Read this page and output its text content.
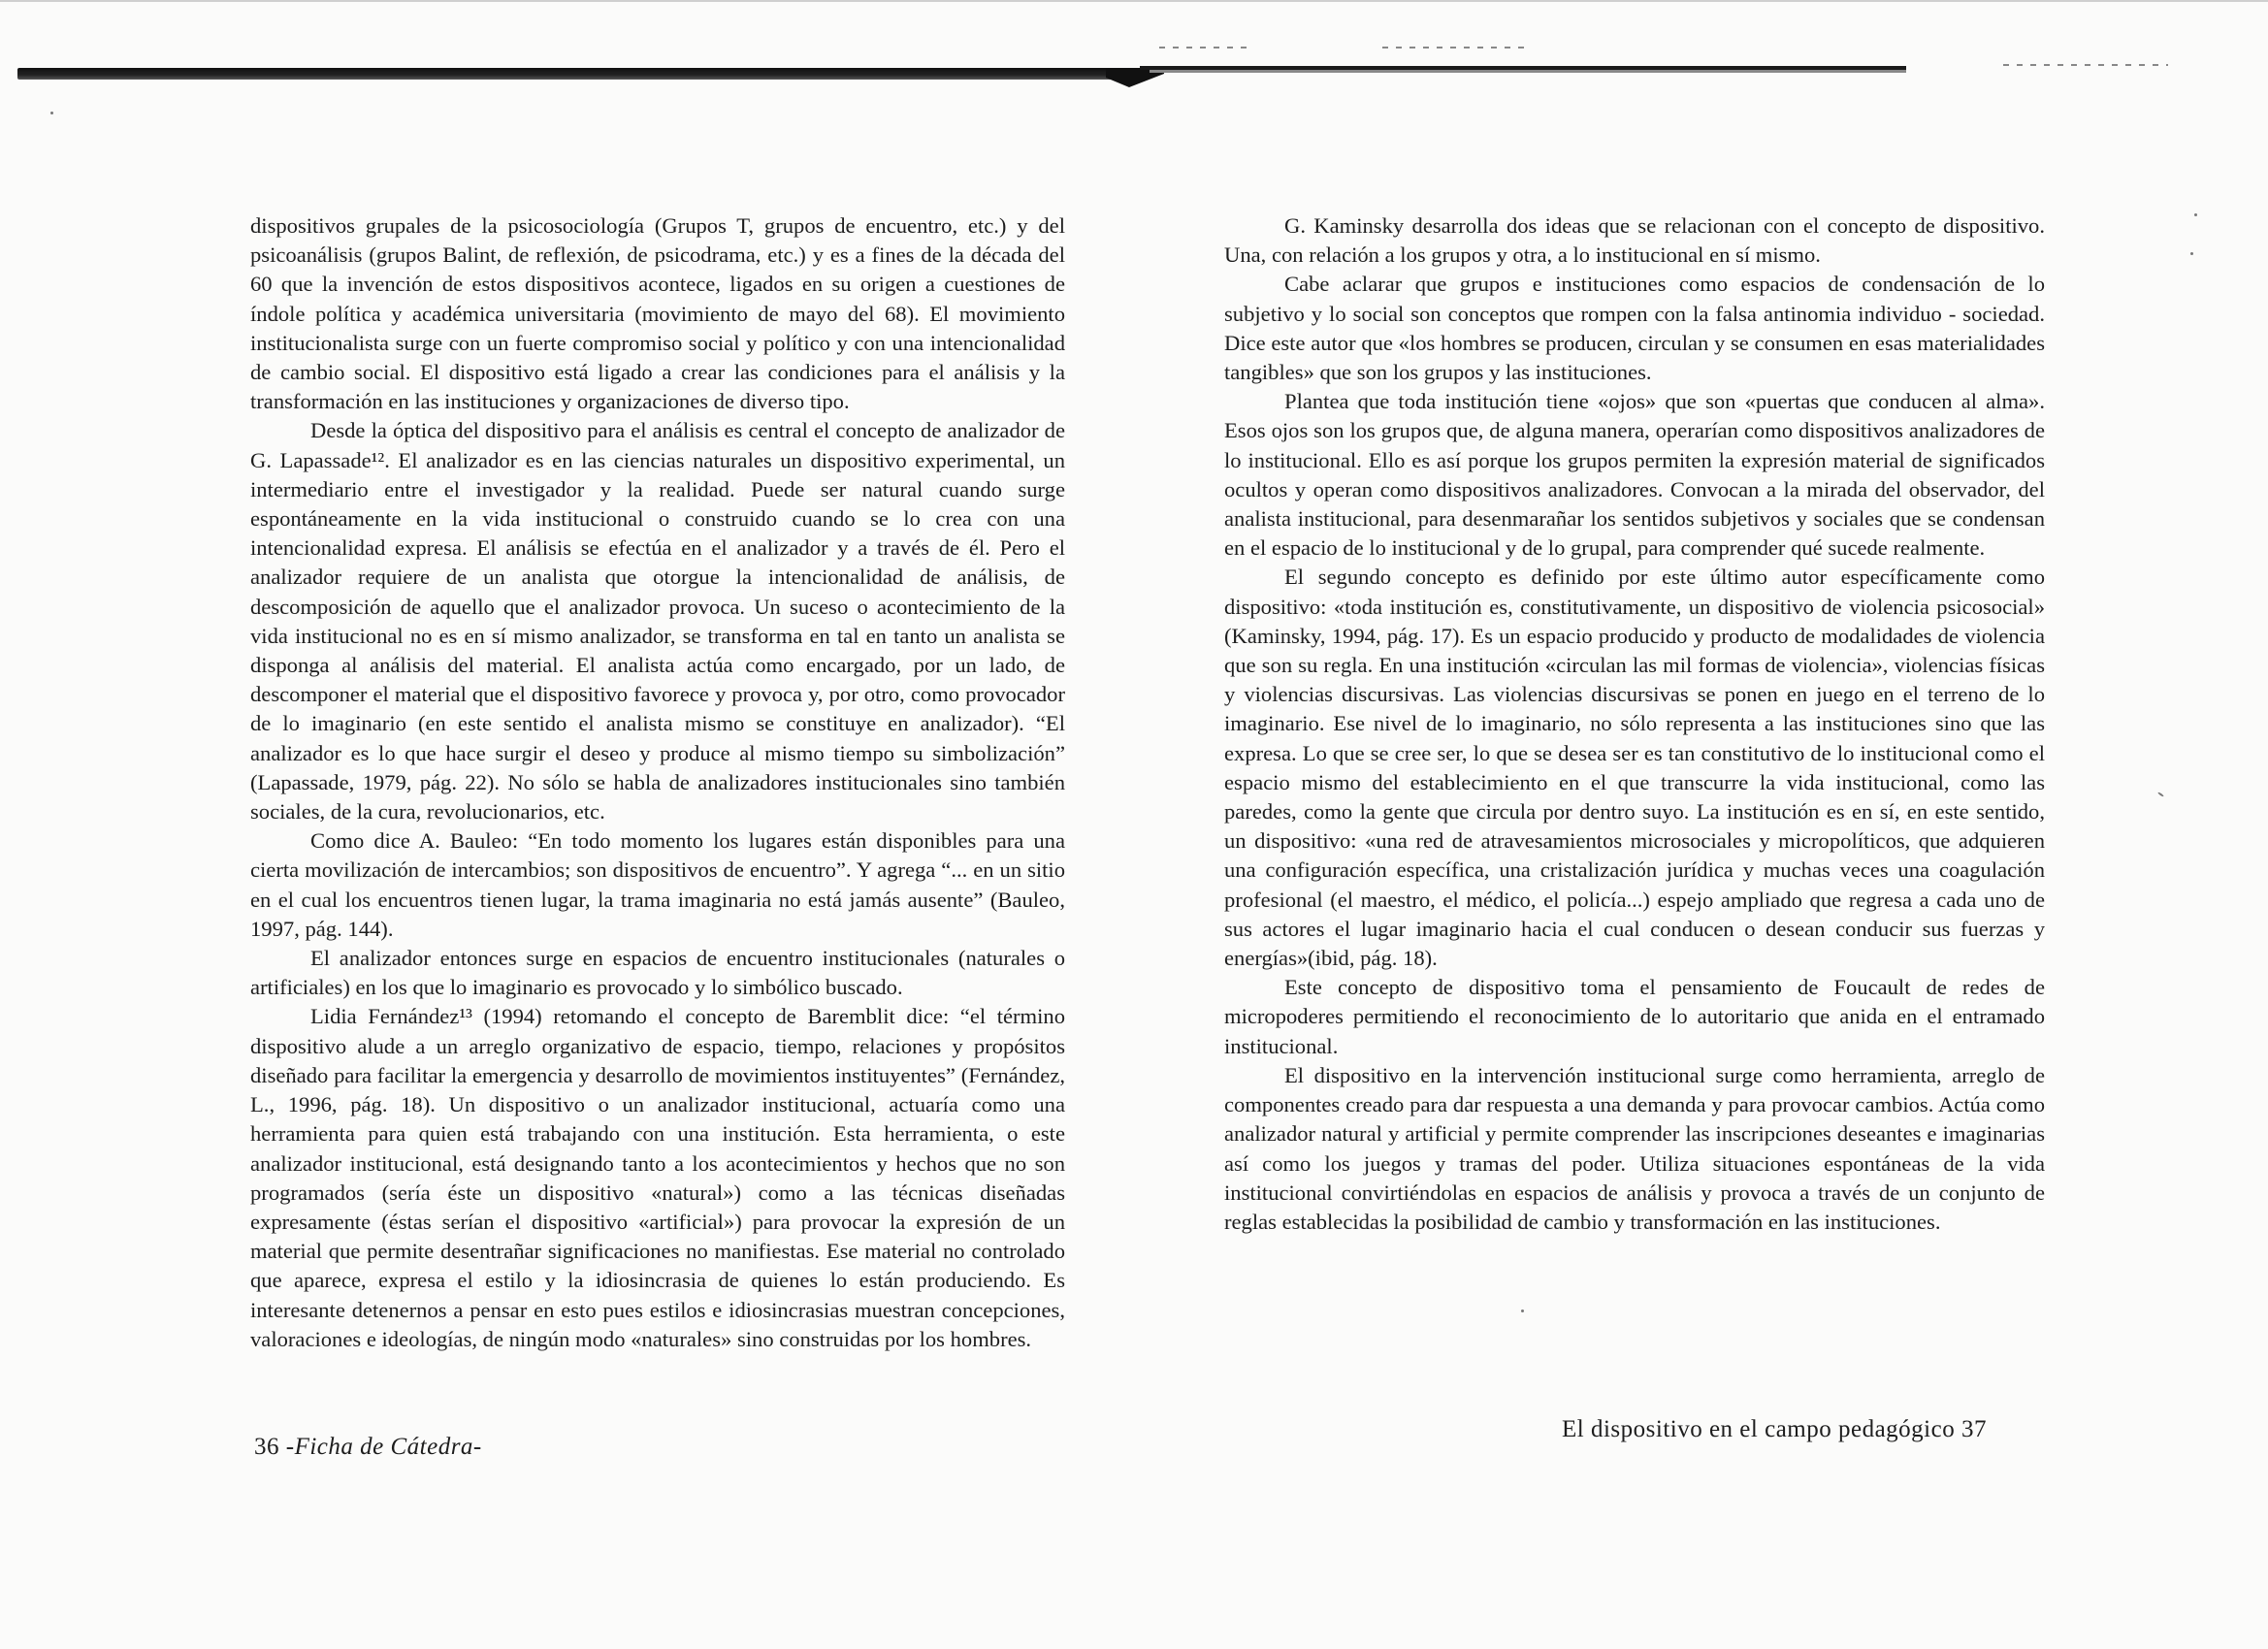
dispositivos grupales de la psicosociología (Grupos T, grupos de encuentro, etc.) y del psicoanálisis (grupos Balint, de reflexión, de psicodrama, etc.) y es a fines de la década del 60 que la invención de estos dispositivos acontece, ligados en su origen a cuestiones de índole política y académica universitaria (movimiento de mayo del 68). El movimiento institucionalista surge con un fuerte compromiso social y político y con una intencionalidad de cambio social. El dispositivo está ligado a crear las condiciones para el análisis y la transformación en las instituciones y organizaciones de diverso tipo.

Desde la óptica del dispositivo para el análisis es central el concepto de analizador de G. Lapassade¹². El analizador es en las ciencias naturales un dispositivo experimental, un intermediario entre el investigador y la realidad. Puede ser natural cuando surge espontáneamente en la vida institucional o construido cuando se lo crea con una intencionalidad expresa. El análisis se efectúa en el analizador y a través de él. Pero el analizador requiere de un analista que otorgue la intencionalidad de análisis, de descomposición de aquello que el analizador provoca. Un suceso o acontecimiento de la vida institucional no es en sí mismo analizador, se transforma en tal en tanto un analista se disponga al análisis del material. El analista actúa como encargado, por un lado, de descomponer el material que el dispositivo favorece y provoca y, por otro, como provocador de lo imaginario (en este sentido el analista mismo se constituye en analizador). “El analizador es lo que hace surgir el deseo y produce al mismo tiempo su simbolización” (Lapassade, 1979, pág. 22). No sólo se habla de analizadores institucionales sino también sociales, de la cura, revolucionarios, etc.

Como dice A. Bauleo: “En todo momento los lugares están disponibles para una cierta movilización de intercambios; son dispositivos de encuentro”. Y agrega “... en un sitio en el cual los encuentros tienen lugar, la trama imaginaria no está jamás ausente” (Bauleo, 1997, pág. 144).

El analizador entonces surge en espacios de encuentro institucionales (naturales o artificiales) en los que lo imaginario es provocado y lo simbólico buscado.

Lidia Fernández¹³ (1994) retomando el concepto de Baremblit dice: “el término dispositivo alude a un arreglo organizativo de espacio, tiempo, relaciones y propósitos diseñado para facilitar la emergencia y desarrollo de movimientos instituyentes” (Fernández, L., 1996, pág. 18). Un dispositivo o un analizador institucional, actuaría como una herramienta para quien está trabajando con una institución. Esta herramienta, o este analizador institucional, está designando tanto a los acontecimientos y hechos que no son programados (sería éste un dispositivo «natural») como a las técnicas diseñadas expresamente (éstas serían el dispositivo «artificial») para provocar la expresión de un material que permite desentrañar significaciones no manifiestas. Ese material no controlado que aparece, expresa el estilo y la idiosincrasia de quienes lo están produciendo. Es interesante detenernos a pensar en esto pues estilos e idiosincrasias muestran concepciones, valoraciones e ideologías, de ningún modo «naturales» sino construidas por los hombres.

36 -Ficha de Cátedra-

G. Kaminsky desarrolla dos ideas que se relacionan con el concepto de dispositivo. Una, con relación a los grupos y otra, a lo institucional en sí mismo.

Cabe aclarar que grupos e instituciones como espacios de condensación de lo subjetivo y lo social son conceptos que rompen con la falsa antinomia individuo - sociedad. Dice este autor que «los hombres se producen, circulan y se consumen en esas materialidades tangibles» que son los grupos y las instituciones.

Plantea que toda institución tiene «ojos» que son «puertas que conducen al alma». Esos ojos son los grupos que, de alguna manera, operarían como dispositivos analizadores de lo institucional. Ello es así porque los grupos permiten la expresión material de significados ocultos y operan como dispositivos analizadores. Convocan a la mirada del observador, del analista institucional, para desenmarañar los sentidos subjetivos y sociales que se condensan en el espacio de lo institucional y de lo grupal, para comprender qué sucede realmente.

El segundo concepto es definido por este último autor específicamente como dispositivo: «toda institución es, constitutivamente, un dispositivo de violencia psicosocial» (Kaminsky, 1994, pág. 17). Es un espacio producido y producto de modalidades de violencia que son su regla. En una institución «circulan las mil formas de violencia», violencias físicas y violencias discursivas. Las violencias discursivas se ponen en juego en el terreno de lo imaginario. Ese nivel de lo imaginario, no sólo representa a las instituciones sino que las expresa. Lo que se cree ser, lo que se desea ser es tan constitutivo de lo institucional como el espacio mismo del establecimiento en el que transcurre la vida institucional, como las paredes, como la gente que circula por dentro suyo. La institución es en sí, en este sentido, un dispositivo: «una red de atravesamientos microsociales y micropolíticos, que adquieren una configuración específica, una cristalización jurídica y muchas veces una coagulación profesional (el maestro, el médico, el policía...) espejo ampliado que regresa a cada uno de sus actores el lugar imaginario hacia el cual conducen o desean conducir sus fuerzas y energías»(ibid, pág. 18).

Este concepto de dispositivo toma el pensamiento de Foucault de redes de micropoderes permitiendo el reconocimiento de lo autoritario que anida en el entramado institucional.

El dispositivo en la intervención institucional surge como herramienta, arreglo de componentes creado para dar respuesta a una demanda y para provocar cambios. Actúa como analizador natural y artificial y permite comprender las inscripciones deseantes e imaginarias así como los juegos y tramas del poder. Utiliza situaciones espontáneas de la vida institucional convirtiéndolas en espacios de análisis y provoca a través de un conjunto de reglas establecidas la posibilidad de cambio y transformación en las instituciones.

El dispositivo en el campo pedagógico 37
